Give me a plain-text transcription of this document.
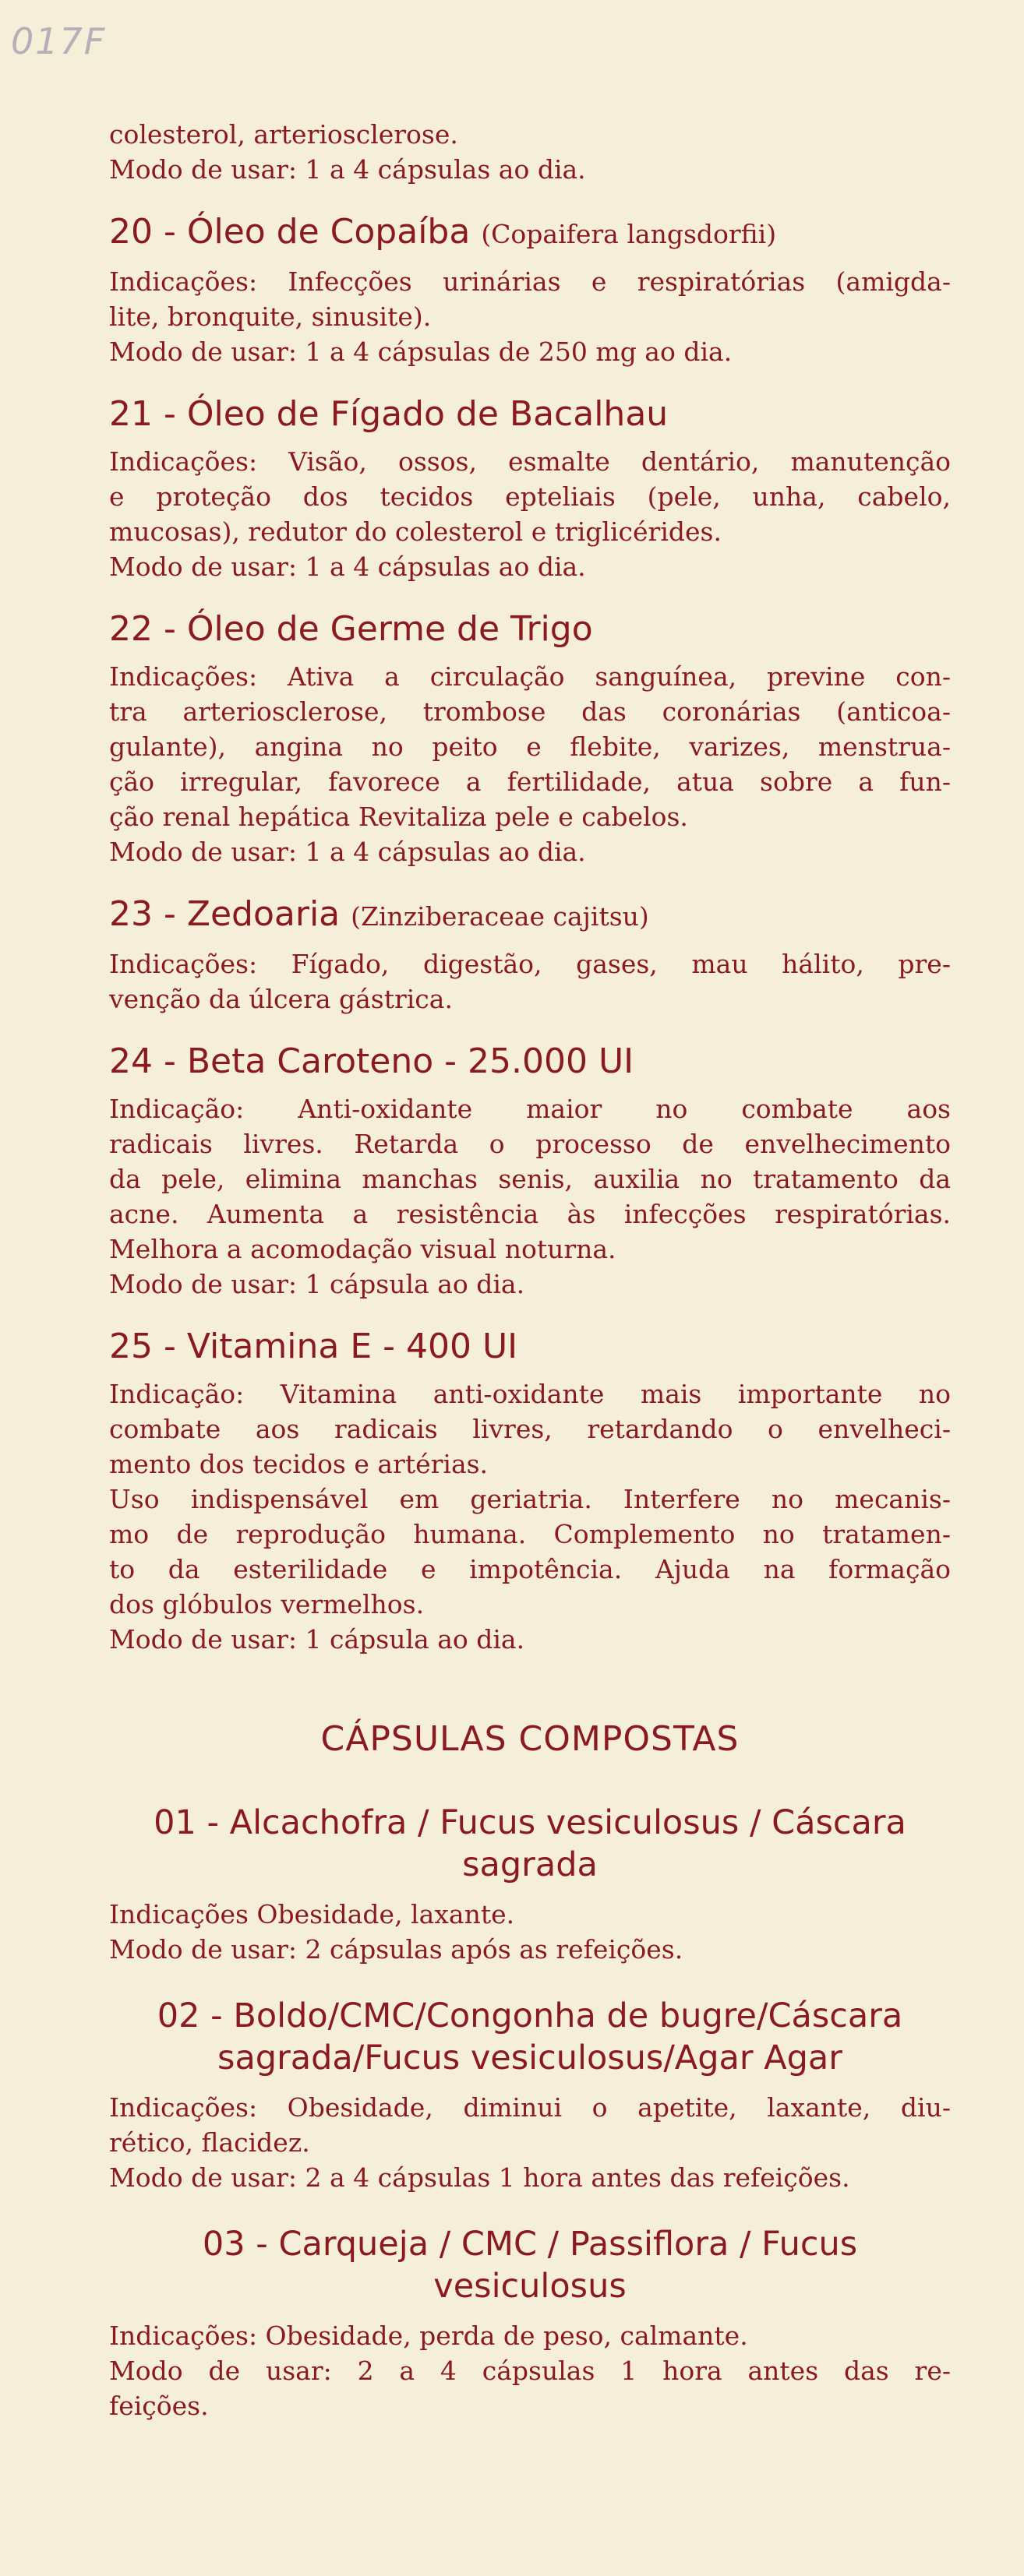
017F
colesterol, arteriosclerose.
Modo de usar: 1 a 4 cápsulas ao dia.
20 - Óleo de Copaíba (Copaifera langsdorfii)
Indicações: Infecções urinárias e respiratórias (amigda-
lite, bronquite, sinusite).
Modo de usar: 1 a 4 cápsulas de 250 mg ao dia.
21 - Óleo de Fígado de Bacalhau
Indicações: Visão, ossos, esmalte dentário, manutenção
e proteção dos tecidos epteliais (pele, unha, cabelo,
mucosas), redutor do colesterol e triglicérides.
Modo de usar: 1 a 4 cápsulas ao dia.
22 - Óleo de Germe de Trigo
Indicações: Ativa a circulação sanguínea, previne con-
tra arteriosclerose, trombose das coronárias (anticoa-
gulante), angina no peito e flebite, varizes, menstrua-
ção irregular, favorece a fertilidade, atua sobre a fun-
ção renal hepática Revitaliza pele e cabelos.
Modo de usar: 1 a 4 cápsulas ao dia.
23 - Zedoaria (Zinziberaceae cajitsu)
Indicações: Fígado, digestão, gases, mau hálito, pre-
venção da úlcera gástrica.
24 - Beta Caroteno - 25.000 UI
Indicação: Anti-oxidante maior no combate aos
radicais livres. Retarda o processo de envelhecimento
da pele, elimina manchas senis, auxilia no tratamento da
acne. Aumenta a resistência às infecções respiratórias.
Melhora a acomodação visual noturna.
Modo de usar: 1 cápsula ao dia.
25 - Vitamina E - 400 UI
Indicação: Vitamina anti-oxidante mais importante no
combate aos radicais livres, retardando o envelheci-
mento dos tecidos e artérias.
Uso indispensável em geriatria. Interfere no mecanis-
mo de reprodução humana. Complemento no tratamen-
to da esterilidade e impotência. Ajuda na formação
dos glóbulos vermelhos.
Modo de usar: 1 cápsula ao dia.
CÁPSULAS COMPOSTAS
01 - Alcachofra / Fucus vesiculosus / Cáscara
sagrada
Indicações Obesidade, laxante.
Modo de usar: 2 cápsulas após as refeições.
02 - Boldo/CMC/Congonha de bugre/Cáscara
sagrada/Fucus vesiculosus/Agar Agar
Indicações: Obesidade, diminui o apetite, laxante, diu-
rético, flacidez.
Modo de usar: 2 a 4 cápsulas 1 hora antes das refeições.
03 - Carqueja / CMC / Passiflora / Fucus
vesiculosus
Indicações: Obesidade, perda de peso, calmante.
Modo de usar: 2 a 4 cápsulas 1 hora antes das re-
feições.
